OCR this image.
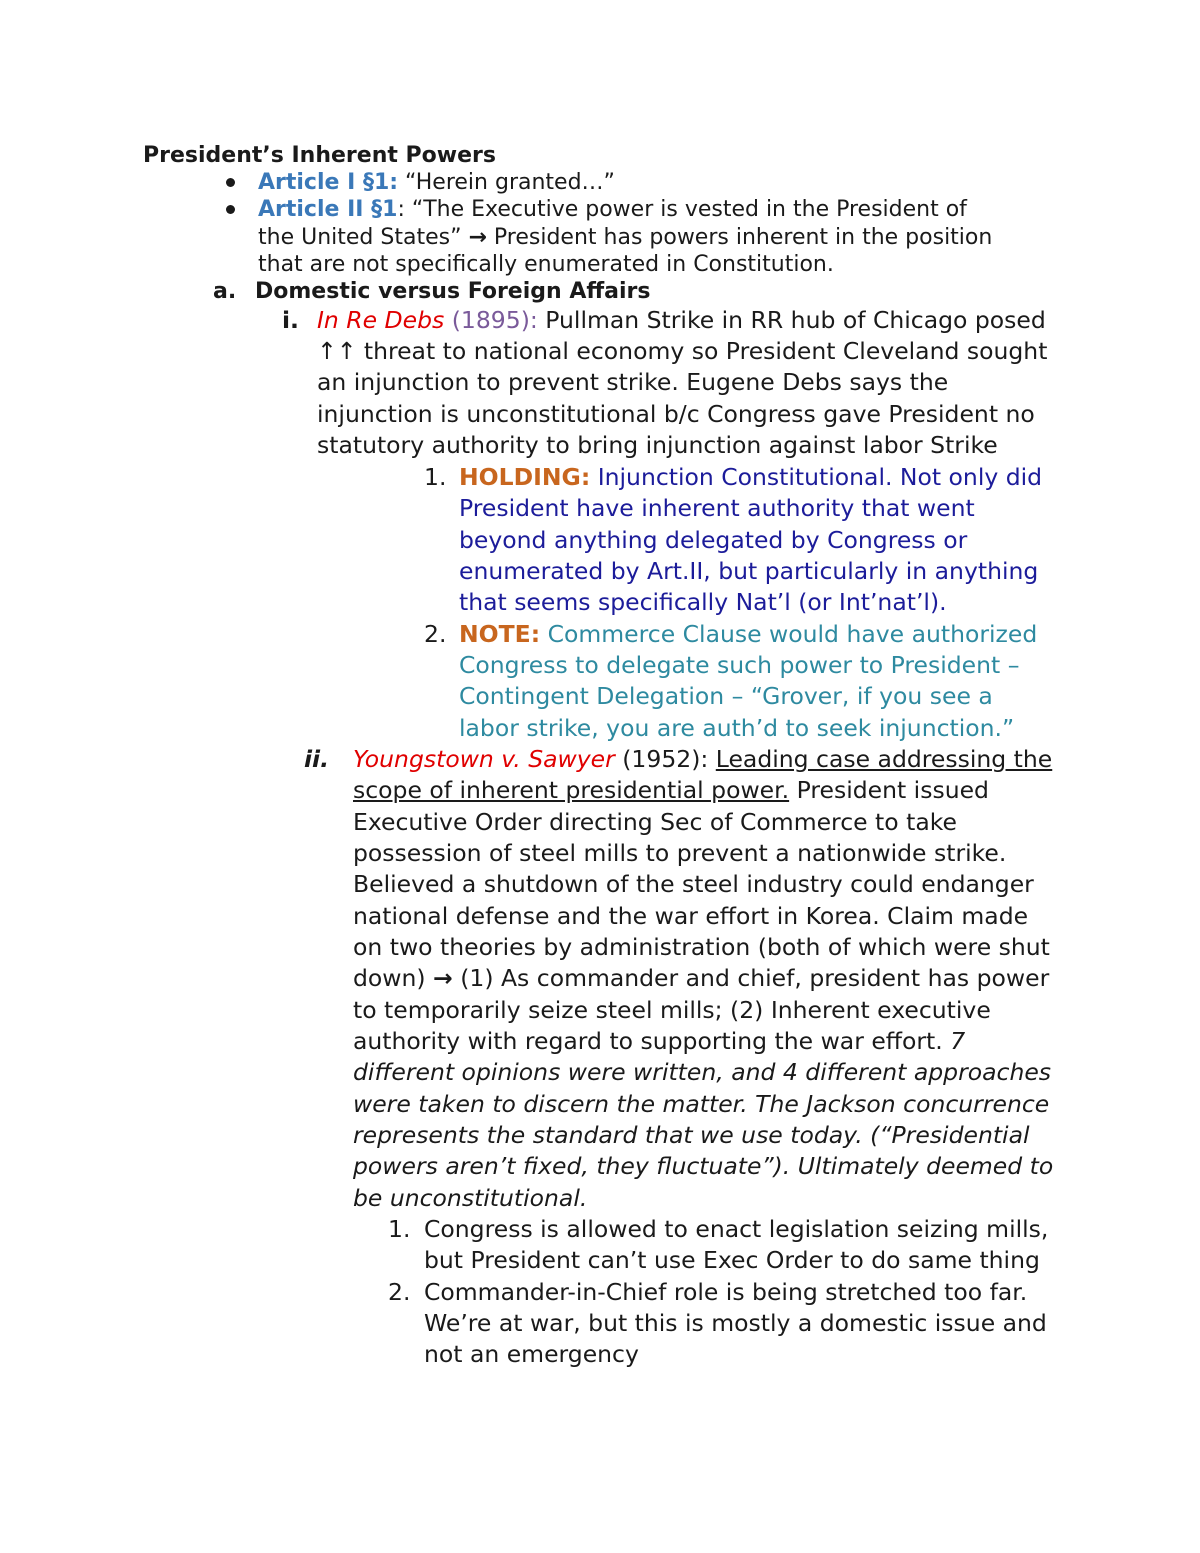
President’s Inherent Powers

Article I §1: “Herein granted…”

Article II §1: “The Executive power is vested in the President of

the United States” → President has powers inherent in the position

that are not specifically enumerated in Constitution.

a. Domestic versus Foreign Affairs

i. In Re Debs (1895): Pullman Strike in RR hub of Chicago posed

↑↑ threat to national economy so President Cleveland sought

an injunction to prevent strike. Eugene Debs says the

injunction is unconstitutional b/c Congress gave President no

statutory authority to bring injunction against labor Strike

1. HOLDING: Injunction Constitutional. Not only did

President have inherent authority that went

beyond anything delegated by Congress or

enumerated by Art.II, but particularly in anything

that seems specifically Nat’l (or Int’nat’l).

2. NOTE: Commerce Clause would have authorized

Congress to delegate such power to President –

Contingent Delegation – “Grover, if you see a

labor strike, you are auth’d to seek injunction.”

ii. Youngstown v. Sawyer (1952): Leading case addressing the

scope of inherent presidential power. President issued

Executive Order directing Sec of Commerce to take

possession of steel mills to prevent a nationwide strike.

Believed a shutdown of the steel industry could endanger

national defense and the war effort in Korea. Claim made

on two theories by administration (both of which were shut

down) → (1) As commander and chief, president has power

to temporarily seize steel mills; (2) Inherent executive

authority with regard to supporting the war effort. 7

different opinions were written, and 4 different approaches

were taken to discern the matter. The Jackson concurrence

represents the standard that we use today. (“Presidential

powers aren’t fixed, they fluctuate”). Ultimately deemed to

be unconstitutional.

1. Congress is allowed to enact legislation seizing mills,

but President can’t use Exec Order to do same thing

2. Commander-in-Chief role is being stretched too far.

We’re at war, but this is mostly a domestic issue and

not an emergency
